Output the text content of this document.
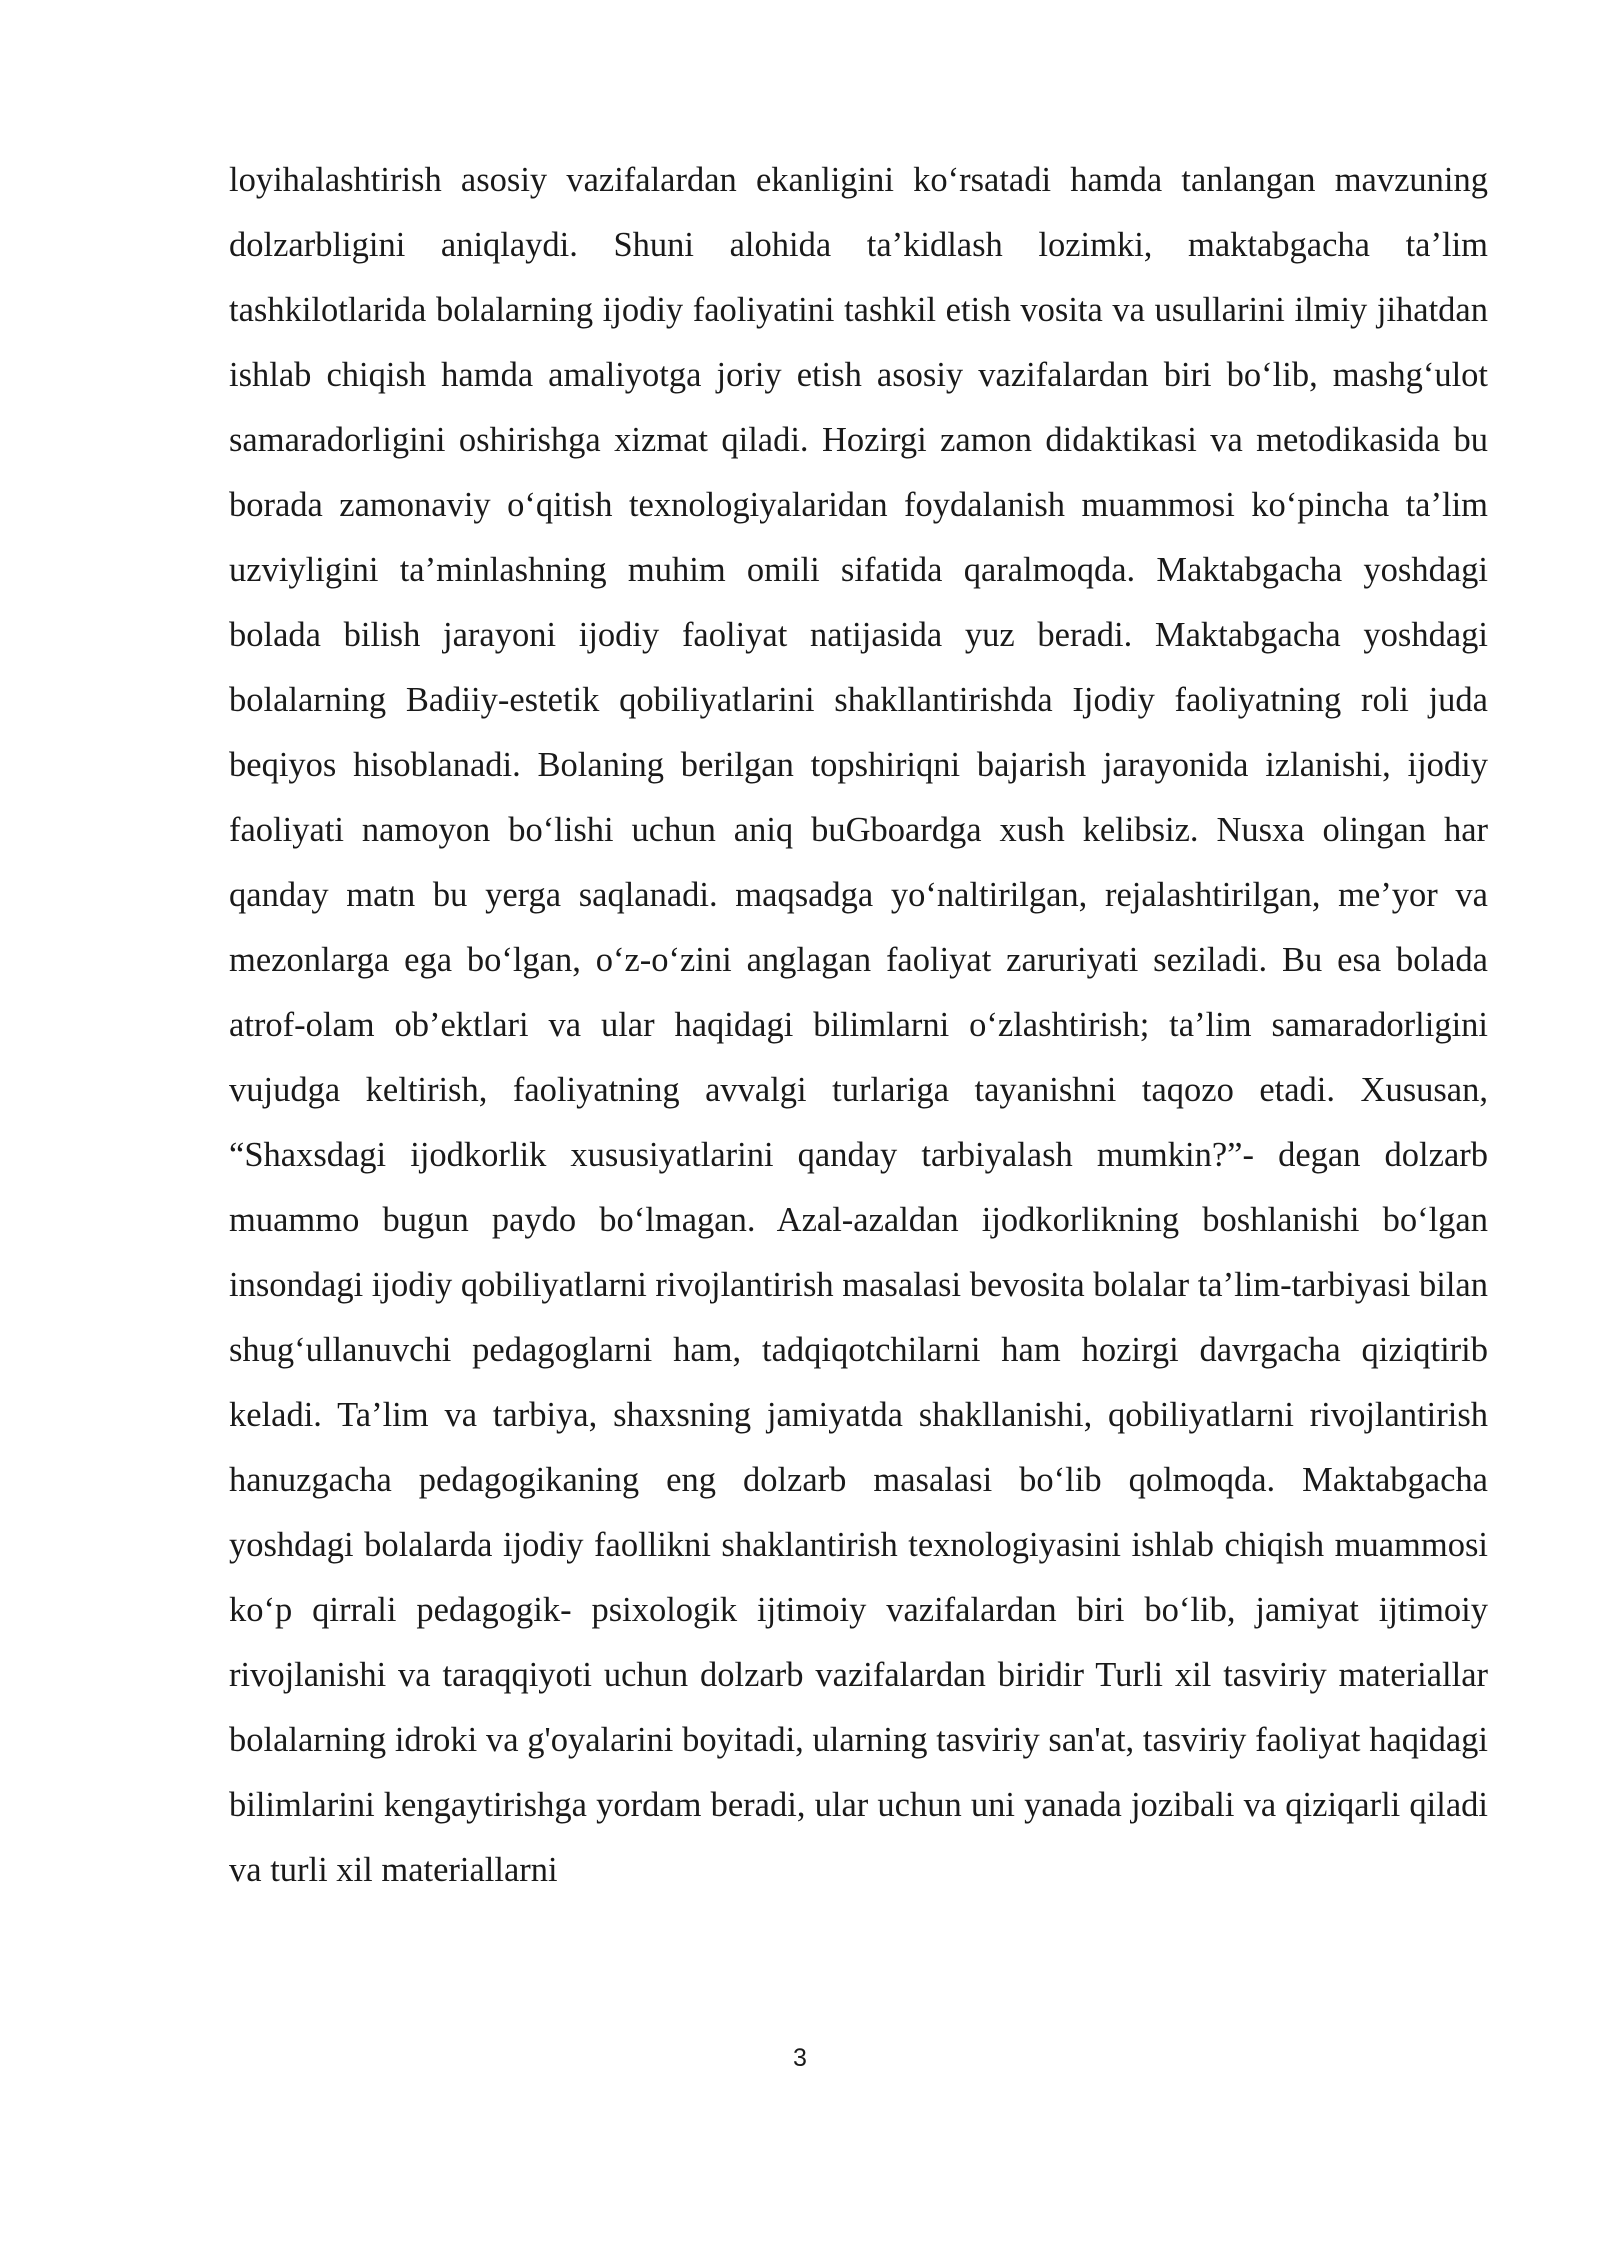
loyihalashtirish asosiy vazifalardan ekanligini ko‘rsatadi hamda tanlangan mavzuning dolzarbligini aniqlaydi. Shuni alohida ta’kidlash lozimki, maktabgacha ta’lim tashkilotlarida bolalarning ijodiy faoliyatini tashkil etish vosita va usullarini ilmiy jihatdan ishlab chiqish hamda amaliyotga joriy etish asosiy vazifalardan biri bo‘lib, mashg‘ulot samaradorligini oshirishga xizmat qiladi. Hozirgi zamon didaktikasi va metodikasida bu borada zamonaviy o‘qitish texnologiyalaridan foydalanish muammosi ko‘pincha ta’lim uzviyligini ta’minlashning muhim omili sifatida qaralmoqda. Maktabgacha yoshdagi bolada bilish jarayoni ijodiy faoliyat natijasida yuz beradi. Maktabgacha yoshdagi bolalarning Badiiy-estetik qobiliyatlarini shakllantirishda Ijodiy faoliyatning roli juda beqiyos hisoblanadi. Bolaning berilgan topshiriqni bajarish jarayonida izlanishi, ijodiy faoliyati namoyon bo‘lishi uchun aniq buGboardga xush kelibsiz. Nusxa olingan har qanday matn bu yerga saqlanadi. maqsadga yo‘naltirilgan, rejalashtirilgan, me’yor va mezonlarga ega bo‘lgan, o‘z-o‘zini anglagan faoliyat zaruriyati seziladi. Bu esa bolada atrof-olam ob’ektlari va ular haqidagi bilimlarni o‘zlashtirish; ta’lim samaradorligini vujudga keltirish, faoliyatning avvalgi turlariga tayanishni taqozo etadi. Xususan, “Shaxsdagi ijodkorlik xususiyatlarini qanday tarbiyalash mumkin?”- degan dolzarb muammo bugun paydo bo‘lmagan. Azal-azaldan ijodkorlikning boshlanishi bo‘lgan insondagi ijodiy qobiliyatlarni rivojlantirish masalasi bevosita bolalar ta’lim-tarbiyasi bilan shug‘ullanuvchi pedagoglarni ham, tadqiqotchilarni ham hozirgi davrgacha qiziqtirib keladi. Ta’lim va tarbiya, shaxsning jamiyatda shakllanishi, qobiliyatlarni rivojlantirish hanuzgacha pedagogikaning eng dolzarb masalasi bo‘lib qolmoqda. Maktabgacha yoshdagi bolalarda ijodiy faollikni shaklantirish texnologiyasini ishlab chiqish muammosi ko‘p qirrali pedagogik- psixologik ijtimoiy vazifalardan biri bo‘lib, jamiyat ijtimoiy rivojlanishi va taraqqiyoti uchun dolzarb vazifalardan biridir Turli xil tasviriy materiallar bolalarning idroki va g'oyalarini boyitadi, ularning tasviriy san'at, tasviriy faoliyat haqidagi bilimlarini kengaytirishga yordam beradi, ular uchun uni yanada jozibali va qiziqarli qiladi va turli xil materiallarni

3
